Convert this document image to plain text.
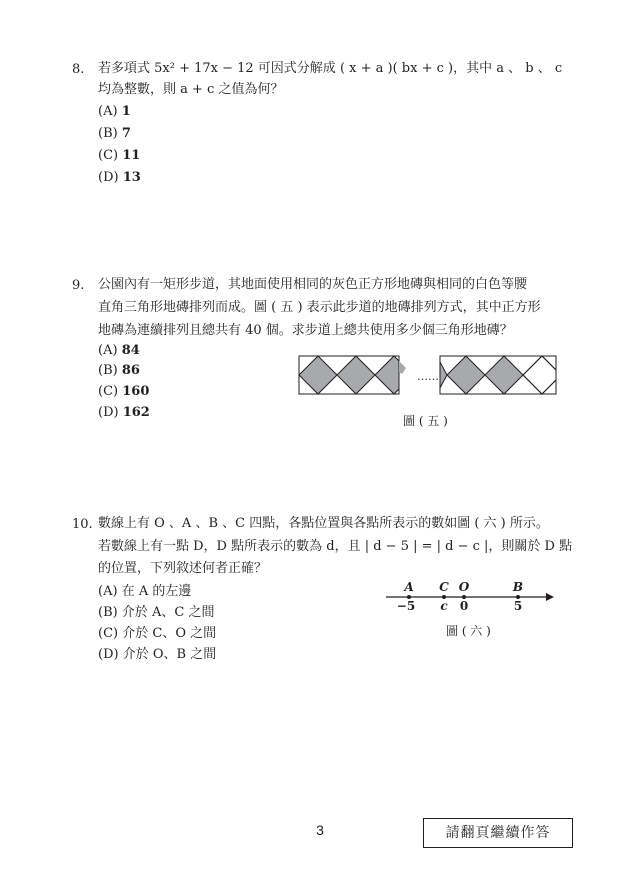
8. 若多項式 5x² + 17x − 12 可因式分解成 ( x + a )( bx + c )，其中 a 、 b 、 c
均為整數，則 a + c 之值為何？
(A) 1
(B) 7
(C) 11
(D) 13
9. 公園內有一矩形步道，其地面使用相同的灰色正方形地磚與相同的白色等腰
直角三角形地磚排列而成。圖 ( 五 ) 表示此步道的地磚排列方式，其中正方形
地磚為連續排列且總共有 40 個。求步道上總共使用多少個三角形地磚？
(A) 84
(B) 86
(C) 160
(D) 162
……
圖 ( 五 )
10. 數線上有 O 、A 、B 、C 四點，各點位置與各點所表示的數如圖 ( 六 ) 所示。
若數線上有一點 D，D 點所表示的數為 d，且 | d − 5 | = | d − c |，則關於 D 點
的位置，下列敘述何者正確？
(A) 在 A 的左邊
(B) 介於 A、C 之間
(C) 介於 C、O 之間
(D) 介於 O、B 之間
A C O	B
−5 c 0	5
圖 ( 六 )
3	請翻頁繼續作答
